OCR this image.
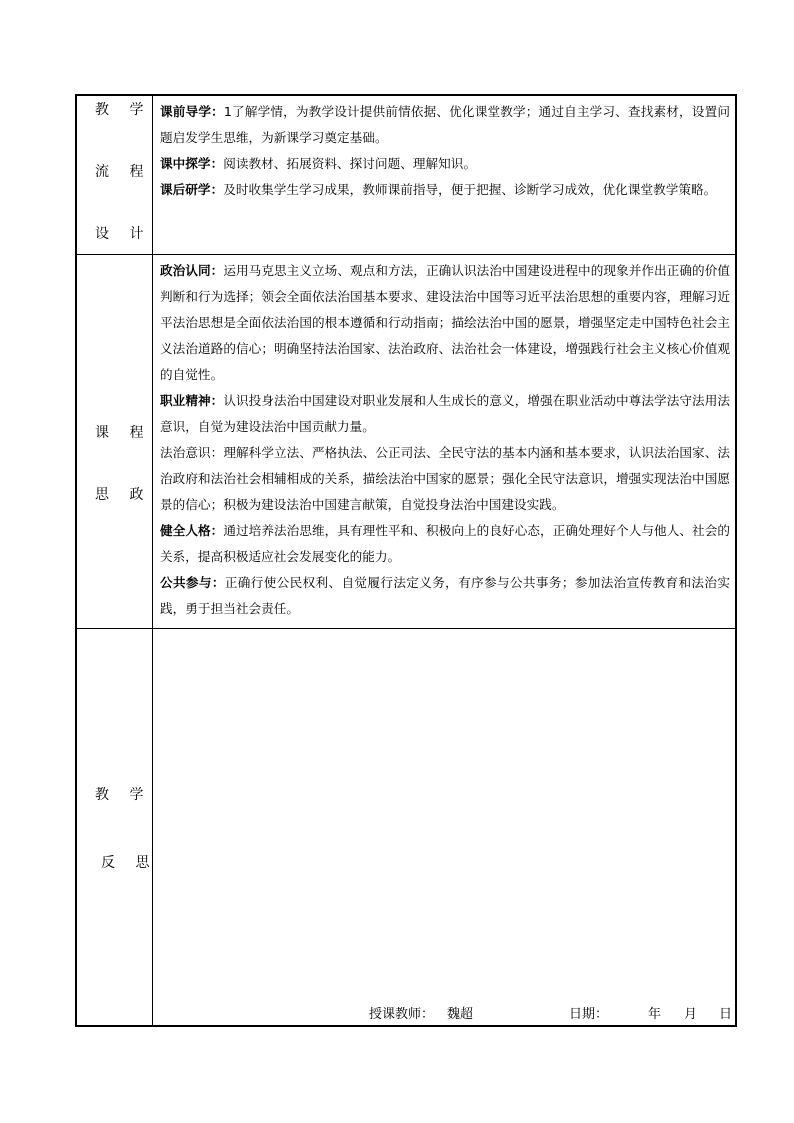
教 学
流 程
设 计

课前导学：1了解学情，为教学设计提供前情依据、优化课堂教学；通过自主学习、查找素材，设置问题启发学生思维，为新课学习奠定基础。

课中探学：阅读教材、拓展资料、探讨问题、理解知识。

课后研学：及时收集学生学习成果，教师课前指导，便于把握、诊断学习成效，优化课堂教学策略。

课 程
思 政

政治认同：运用马克思主义立场、观点和方法，正确认识法治中国建设进程中的现象并作出正确的价值判断和行为选择；领会全面依法治国基本要求、建设法治中国等习近平法治思想的重要内容，理解习近平法治思想是全面依法治国的根本遵循和行动指南；描绘法治中国的愿景，增强坚定走中国特色社会主义法治道路的信心；明确坚持法治国家、法治政府、法治社会一体建设，增强践行社会主义核心价值观的自觉性。

职业精神：认识投身法治中国建设对职业发展和人生成长的意义，增强在职业活动中尊法学法守法用法意识，自觉为建设法治中国贡献力量。

法治意识：理解科学立法、严格执法、公正司法、全民守法的基本内涵和基本要求，认识法治国家、法治政府和法治社会相辅相成的关系，描绘法治中国家的愿景；强化全民守法意识，增强实现法治中国愿景的信心；积极为建设法治中国建言献策，自觉投身法治中国建设实践。

健全人格：通过培养法治思维，具有理性平和、积极向上的良好心态，正确处理好个人与他人、社会的关系，提高积极适应社会发展变化的能力。

公共参与：正确行使公民权利、自觉履行法定义务，有序参与公共事务；参加法治宣传教育和法治实践，勇于担当社会责任。

教 学
反 思
授课教师： 魏超	日期：	年 月 日
